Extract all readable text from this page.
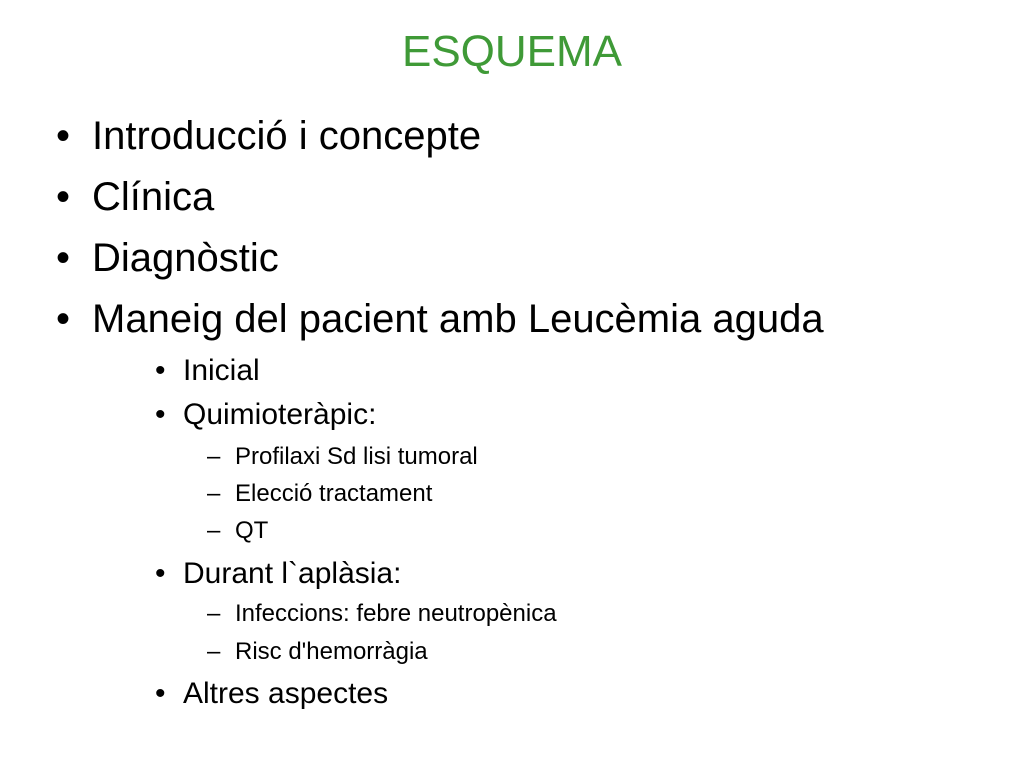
ESQUEMA
• Introducció i concepte
• Clínica
• Diagnòstic
• Maneig del pacient amb Leucèmia aguda
• Inicial
• Quimioteràpic:
– Profilaxi Sd lisi tumoral
– Elecció tractament
– QT
• Durant l`aplàsia:
– Infeccions: febre neutropènica
– Risc d'hemorràgia
• Altres aspectes
